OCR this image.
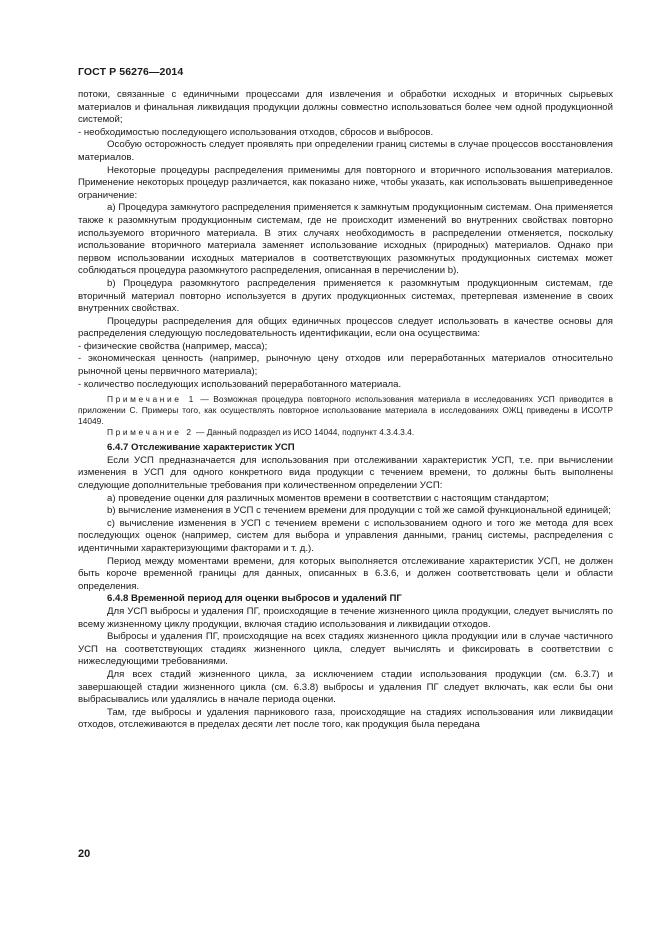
ГОСТ Р 56276—2014

потоки, связанные с единичными процессами для извлечения и обработки исходных и вторичных сырьевых материалов и финальная ликвидация продукции должны совместно использоваться более чем одной продукционной системой;

- необходимостью последующего использования отходов, сбросов и выбросов.

Особую осторожность следует проявлять при определении границ системы в случае процессов восстановления материалов.

Некоторые процедуры распределения применимы для повторного и вторичного использования материалов. Применение некоторых процедур различается, как показано ниже, чтобы указать, как использовать вышеприведенное ограничение:

a) Процедура замкнутого распределения применяется к замкнутым продукционным системам. Она применяется также к разомкнутым продукционным системам, где не происходит изменений во внутренних свойствах повторно используемого вторичного материала. В этих случаях необходимость в распределении отменяется, поскольку использование вторичного материала заменяет использование исходных (природных) материалов. Однако при первом использовании исходных материалов в соответствующих разомкнутых продукционных системах может соблюдаться процедура разомкнутого распределения, описанная в перечислении b).

b) Процедура разомкнутого распределения применяется к разомкнутым продукционным системам, где вторичный материал повторно используется в других продукционных системах, претерпевая изменение в своих внутренних свойствах.

Процедуры распределения для общих единичных процессов следует использовать в качестве основы для распределения следующую последовательность идентификации, если она осуществима:

- физические свойства (например, масса);

- экономическая ценность (например, рыночную цену отходов или переработанных материалов относительно рыночной цены первичного материала);

- количество последующих использований переработанного материала.

Примечание 1 — Возможная процедура повторного использования материала в исследованиях УСП приводится в приложении С. Примеры того, как осуществлять повторное использование материала в исследованиях ОЖЦ приведены в ИСО/ТР 14049.

Примечание 2 — Данный подраздел из ИСО 14044, подпункт 4.3.4.3.4.

6.4.7 Отслеживание характеристик УСП

Если УСП предназначается для использования при отслеживании характеристик УСП, т.е. при вычислении изменения в УСП для одного конкретного вида продукции с течением времени, то должны быть выполнены следующие дополнительные требования при количественном определении УСП:

a) проведение оценки для различных моментов времени в соответствии с настоящим стандартом;

b) вычисление изменения в УСП с течением времени для продукции с той же самой функциональной единицей;

c) вычисление изменения в УСП с течением времени с использованием одного и того же метода для всех последующих оценок (например, систем для выбора и управления данными, границ системы, распределения с идентичными характеризующими факторами и т. д.).

Период между моментами времени, для которых выполняется отслеживание характеристик УСП, не должен быть короче временной границы для данных, описанных в 6.3.6, и должен соответствовать цели и области определения.

6.4.8 Временной период для оценки выбросов и удалений ПГ

Для УСП выбросы и удаления ПГ, происходящие в течение жизненного цикла продукции, следует вычислять по всему жизненному циклу продукции, включая стадию использования и ликвидации отходов.

Выбросы и удаления ПГ, происходящие на всех стадиях жизненного цикла продукции или в случае частичного УСП на соответствующих стадиях жизненного цикла, следует вычислять и фиксировать в соответствии с нижеследующими требованиями.

Для всех стадий жизненного цикла, за исключением стадии использования продукции (см. 6.3.7) и завершающей стадии жизненного цикла (см. 6.3.8) выбросы и удаления ПГ следует включать, как если бы они выбрасывались или удалялись в начале периода оценки.

Там, где выбросы и удаления парникового газа, происходящие на стадиях использования или ликвидации отходов, отслеживаются в пределах десяти лет после того, как продукция была передана

20
